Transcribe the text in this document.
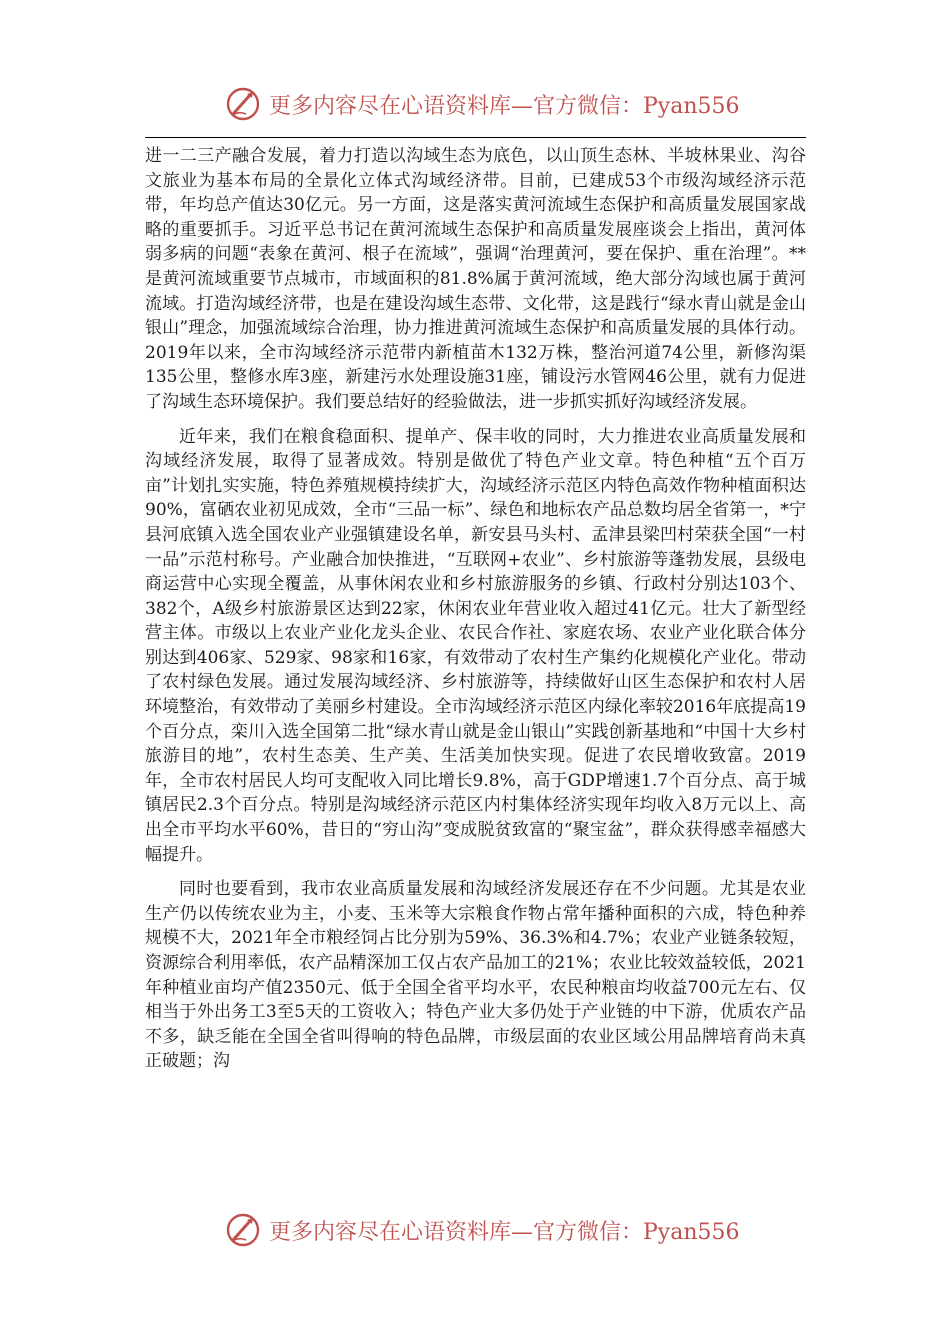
更多内容尽在心语资料库—官方微信：Pyan556

进一二三产融合发展，着力打造以沟域生态为底色，以山顶生态林、半坡林果业、沟谷文旅业为基本布局的全景化立体式沟域经济带。目前，已建成53个市级沟域经济示范带，年均总产值达30亿元。另一方面，这是落实黄河流域生态保护和高质量发展国家战略的重要抓手。习近平总书记在黄河流域生态保护和高质量发展座谈会上指出，黄河体弱多病的问题“表象在黄河、根子在流域”，强调“治理黄河，要在保护、重在治理”。**是黄河流域重要节点城市，市域面积的81.8%属于黄河流域，绝大部分沟域也属于黄河流域。打造沟域经济带，也是在建设沟域生态带、文化带，这是践行“绿水青山就是金山银山”理念，加强流域综合治理，协力推进黄河流域生态保护和高质量发展的具体行动。2019年以来，全市沟域经济示范带内新植苗木132万株，整治河道74公里，新修沟渠135公里，整修水库3座，新建污水处理设施31座，铺设污水管网46公里，就有力促进了沟域生态环境保护。我们要总结好的经验做法，进一步抓实抓好沟域经济发展。

近年来，我们在粮食稳面积、提单产、保丰收的同时，大力推进农业高质量发展和沟域经济发展，取得了显著成效。特别是做优了特色产业文章。特色种植“五个百万亩”计划扎实实施，特色养殖规模持续扩大，沟域经济示范区内特色高效作物种植面积达90%，富硒农业初见成效，全市“三品一标”、绿色和地标农产品总数均居全省第一，*宁县河底镇入选全国农业产业强镇建设名单，新安县马头村、孟津县梁凹村荣获全国“一村一品”示范村称号。产业融合加快推进，“互联网+农业”、乡村旅游等蓬勃发展，县级电商运营中心实现全覆盖，从事休闲农业和乡村旅游服务的乡镇、行政村分别达103个、382个，A级乡村旅游景区达到22家，休闲农业年营业收入超过41亿元。壮大了新型经营主体。市级以上农业产业化龙头企业、农民合作社、家庭农场、农业产业化联合体分别达到406家、529家、98家和16家，有效带动了农村生产集约化规模化产业化。带动了农村绿色发展。通过发展沟域经济、乡村旅游等，持续做好山区生态保护和农村人居环境整治，有效带动了美丽乡村建设。全市沟域经济示范区内绿化率较2016年底提高19个百分点，栾川入选全国第二批“绿水青山就是金山银山”实践创新基地和“中国十大乡村旅游目的地”，农村生态美、生产美、生活美加快实现。促进了农民增收致富。2019年，全市农村居民人均可支配收入同比增长9.8%，高于GDP增速1.7个百分点、高于城镇居民2.3个百分点。特别是沟域经济示范区内村集体经济实现年均收入8万元以上、高出全市平均水平60%，昔日的“穷山沟”变成脱贫致富的“聚宝盆”，群众获得感幸福感大幅提升。

同时也要看到，我市农业高质量发展和沟域经济发展还存在不少问题。尤其是农业生产仍以传统农业为主，小麦、玉米等大宗粮食作物占常年播种面积的六成，特色种养规模不大，2021年全市粮经饲占比分别为59%、36.3%和4.7%；农业产业链条较短，资源综合利用率低，农产品精深加工仅占农产品加工的21%；农业比较效益较低，2021年种植业亩均产值2350元、低于全国全省平均水平，农民种粮亩均收益700元左右、仅相当于外出务工3至5天的工资收入；特色产业大多仍处于产业链的中下游，优质农产品不多，缺乏能在全国全省叫得响的特色品牌，市级层面的农业区域公用品牌培育尚未真正破题；沟

更多内容尽在心语资料库—官方微信：Pyan556
